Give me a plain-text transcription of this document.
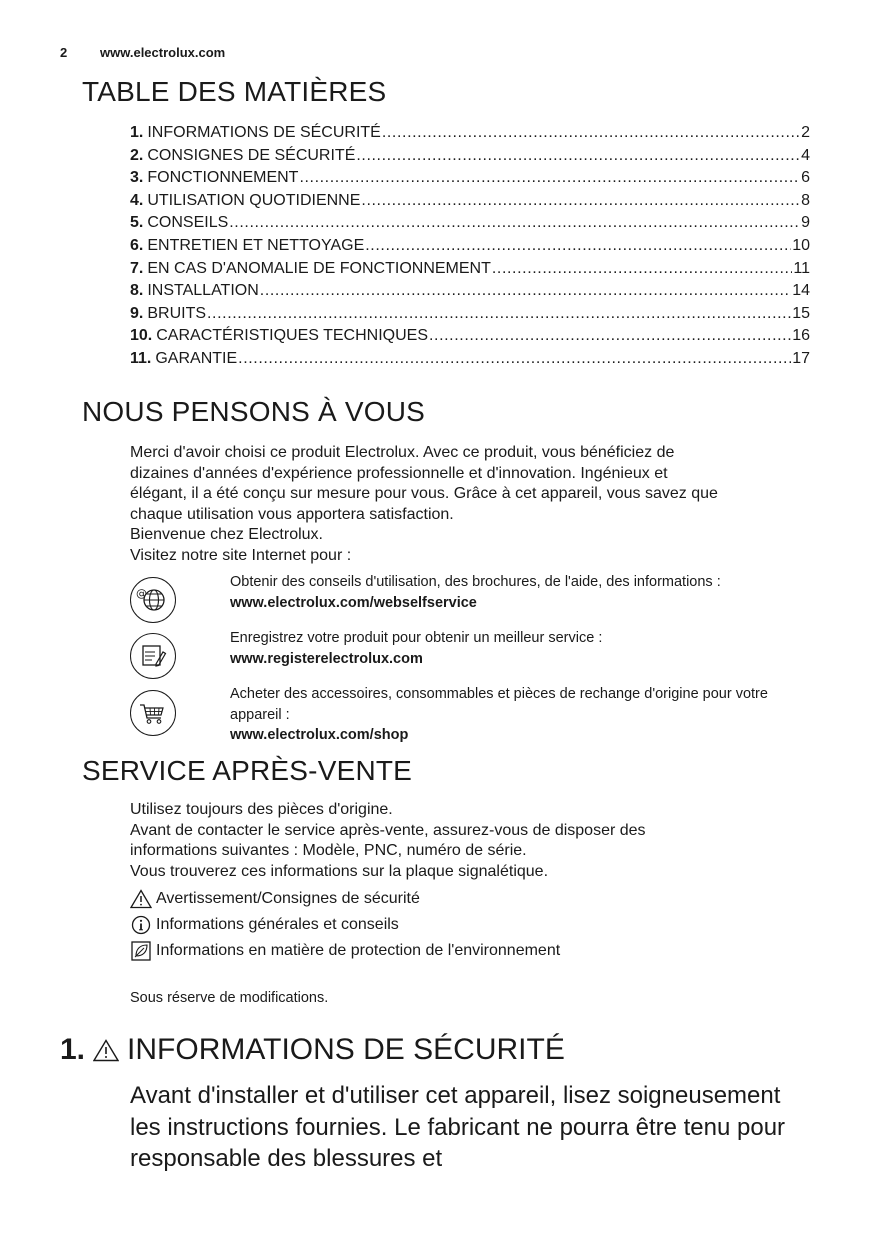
2	www.electrolux.com
TABLE DES MATIÈRES
1. INFORMATIONS DE SÉCURITÉ .....	2
2. CONSIGNES DE SÉCURITÉ .....	4
3. FONCTIONNEMENT .....	6
4. UTILISATION QUOTIDIENNE .....	8
5. CONSEILS .....	9
6. ENTRETIEN ET NETTOYAGE .....	10
7. EN CAS D'ANOMALIE DE FONCTIONNEMENT .....	11
8. INSTALLATION .....	14
9. BRUITS .....	15
10. CARACTÉRISTIQUES TECHNIQUES .....	16
11. GARANTIE .....	17
NOUS PENSONS À VOUS

Merci d'avoir choisi ce produit Electrolux. Avec ce produit, vous bénéficiez de

dizaines d'années d'expérience professionnelle et d'innovation. Ingénieux et

élégant, il a été conçu sur mesure pour vous. Grâce à cet appareil, vous savez que

chaque utilisation vous apportera satisfaction.

Bienvenue chez Electrolux.

Visitez notre site Internet pour :

@
Obtenir des conseils d'utilisation, des brochures, de l'aide, des informations :
www.electrolux.com/webselfservice
Enregistrez votre produit pour obtenir un meilleur service :
www.registerelectrolux.com
Acheter des accessoires, consommables et pièces de rechange d'origine pour votre appareil :
www.electrolux.com/shop
SERVICE APRÈS-VENTE

Utilisez toujours des pièces d'origine.

Avant de contacter le service après-vente, assurez-vous de disposer des

informations suivantes : Modèle, PNC, numéro de série.

Vous trouverez ces informations sur la plaque signalétique.

Avertissement/Consignes de sécurité
Informations générales et conseils
Informations en matière de protection de l'environnement
Sous réserve de modifications.
1. INFORMATIONS DE SÉCURITÉ
Avant d'installer et d'utiliser cet appareil, lisez soigneusement les instructions fournies. Le fabricant ne pourra être tenu pour responsable des blessures et
